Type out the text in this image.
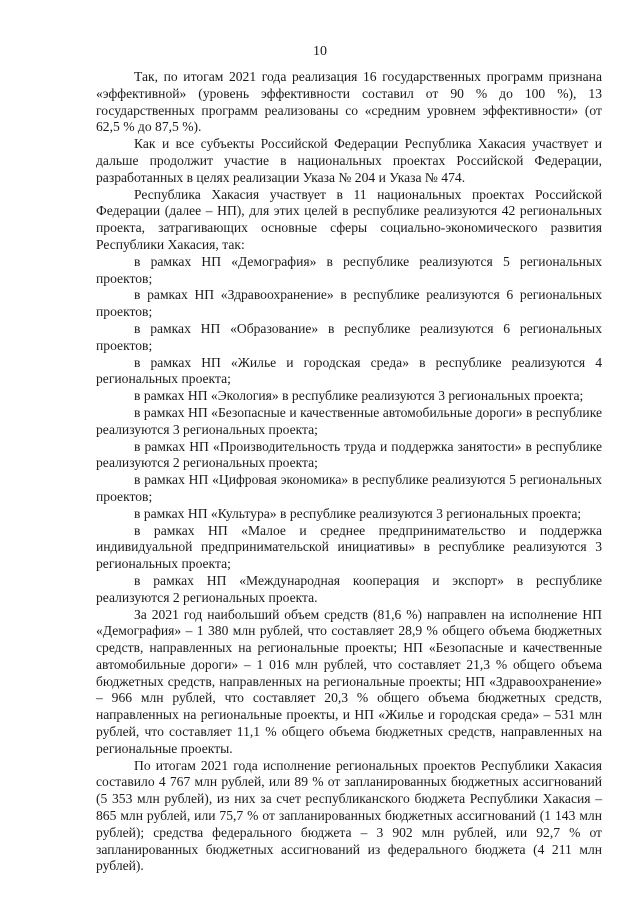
10

Так, по итогам 2021 года реализация 16 государственных программ признана «эффективной» (уровень эффективности составил от 90 % до 100 %), 13 государственных программ реализованы со «средним уровнем эффективности» (от 62,5 % до 87,5 %).

Как и все субъекты Российской Федерации Республика Хакасия участвует и дальше продолжит участие в национальных проектах Российской Федерации, разработанных в целях реализации Указа № 204 и Указа № 474.

Республика Хакасия участвует в 11 национальных проектах Российской Федерации (далее – НП), для этих целей в республике реализуются 42 региональных проекта, затрагивающих основные сферы социально-экономического развития Республики Хакасия, так:

в рамках НП «Демография» в республике реализуются 5 региональных проектов;

в рамках НП «Здравоохранение» в республике реализуются 6 региональных проектов;

в рамках НП «Образование» в республике реализуются 6 региональных проектов;

в рамках НП «Жилье и городская среда» в республике реализуются 4 региональных проекта;

в рамках НП «Экология» в республике реализуются 3 региональных проекта;

в рамках НП «Безопасные и качественные автомобильные дороги» в республике реализуются 3 региональных проекта;

в рамках НП «Производительность труда и поддержка занятости» в республике реализуются 2 региональных проекта;

в рамках НП «Цифровая экономика» в республике реализуются 5 региональных проектов;

в рамках НП «Культура» в республике реализуются 3 региональных проекта;

в рамках НП «Малое и среднее предпринимательство и поддержка индивидуальной предпринимательской инициативы» в республике реализуются 3 региональных проекта;

в рамках НП «Международная кооперация и экспорт» в республике реализуются 2 региональных проекта.

За 2021 год наибольший объем средств (81,6 %) направлен на исполнение НП «Демография» – 1 380 млн рублей, что составляет 28,9 % общего объема бюджетных средств, направленных на региональные проекты; НП «Безопасные и качественные автомобильные дороги» – 1 016 млн рублей, что составляет 21,3 % общего объема бюджетных средств, направленных на региональные проекты; НП «Здравоохранение» – 966 млн рублей, что составляет 20,3 % общего объема бюджетных средств, направленных на региональные проекты, и НП «Жилье и городская среда» – 531 млн рублей, что составляет 11,1 % общего объема бюджетных средств, направленных на региональные проекты.

По итогам 2021 года исполнение региональных проектов Республики Хакасия составило 4 767 млн рублей, или 89 % от запланированных бюджетных ассигнований (5 353 млн рублей), из них за счет республиканского бюджета Республики Хакасия – 865 млн рублей, или 75,7 % от запланированных бюджетных ассигнований (1 143 млн рублей); средства федерального бюджета – 3 902 млн рублей, или 92,7 % от запланированных бюджетных ассигнований из федерального бюджета (4 211 млн рублей).
